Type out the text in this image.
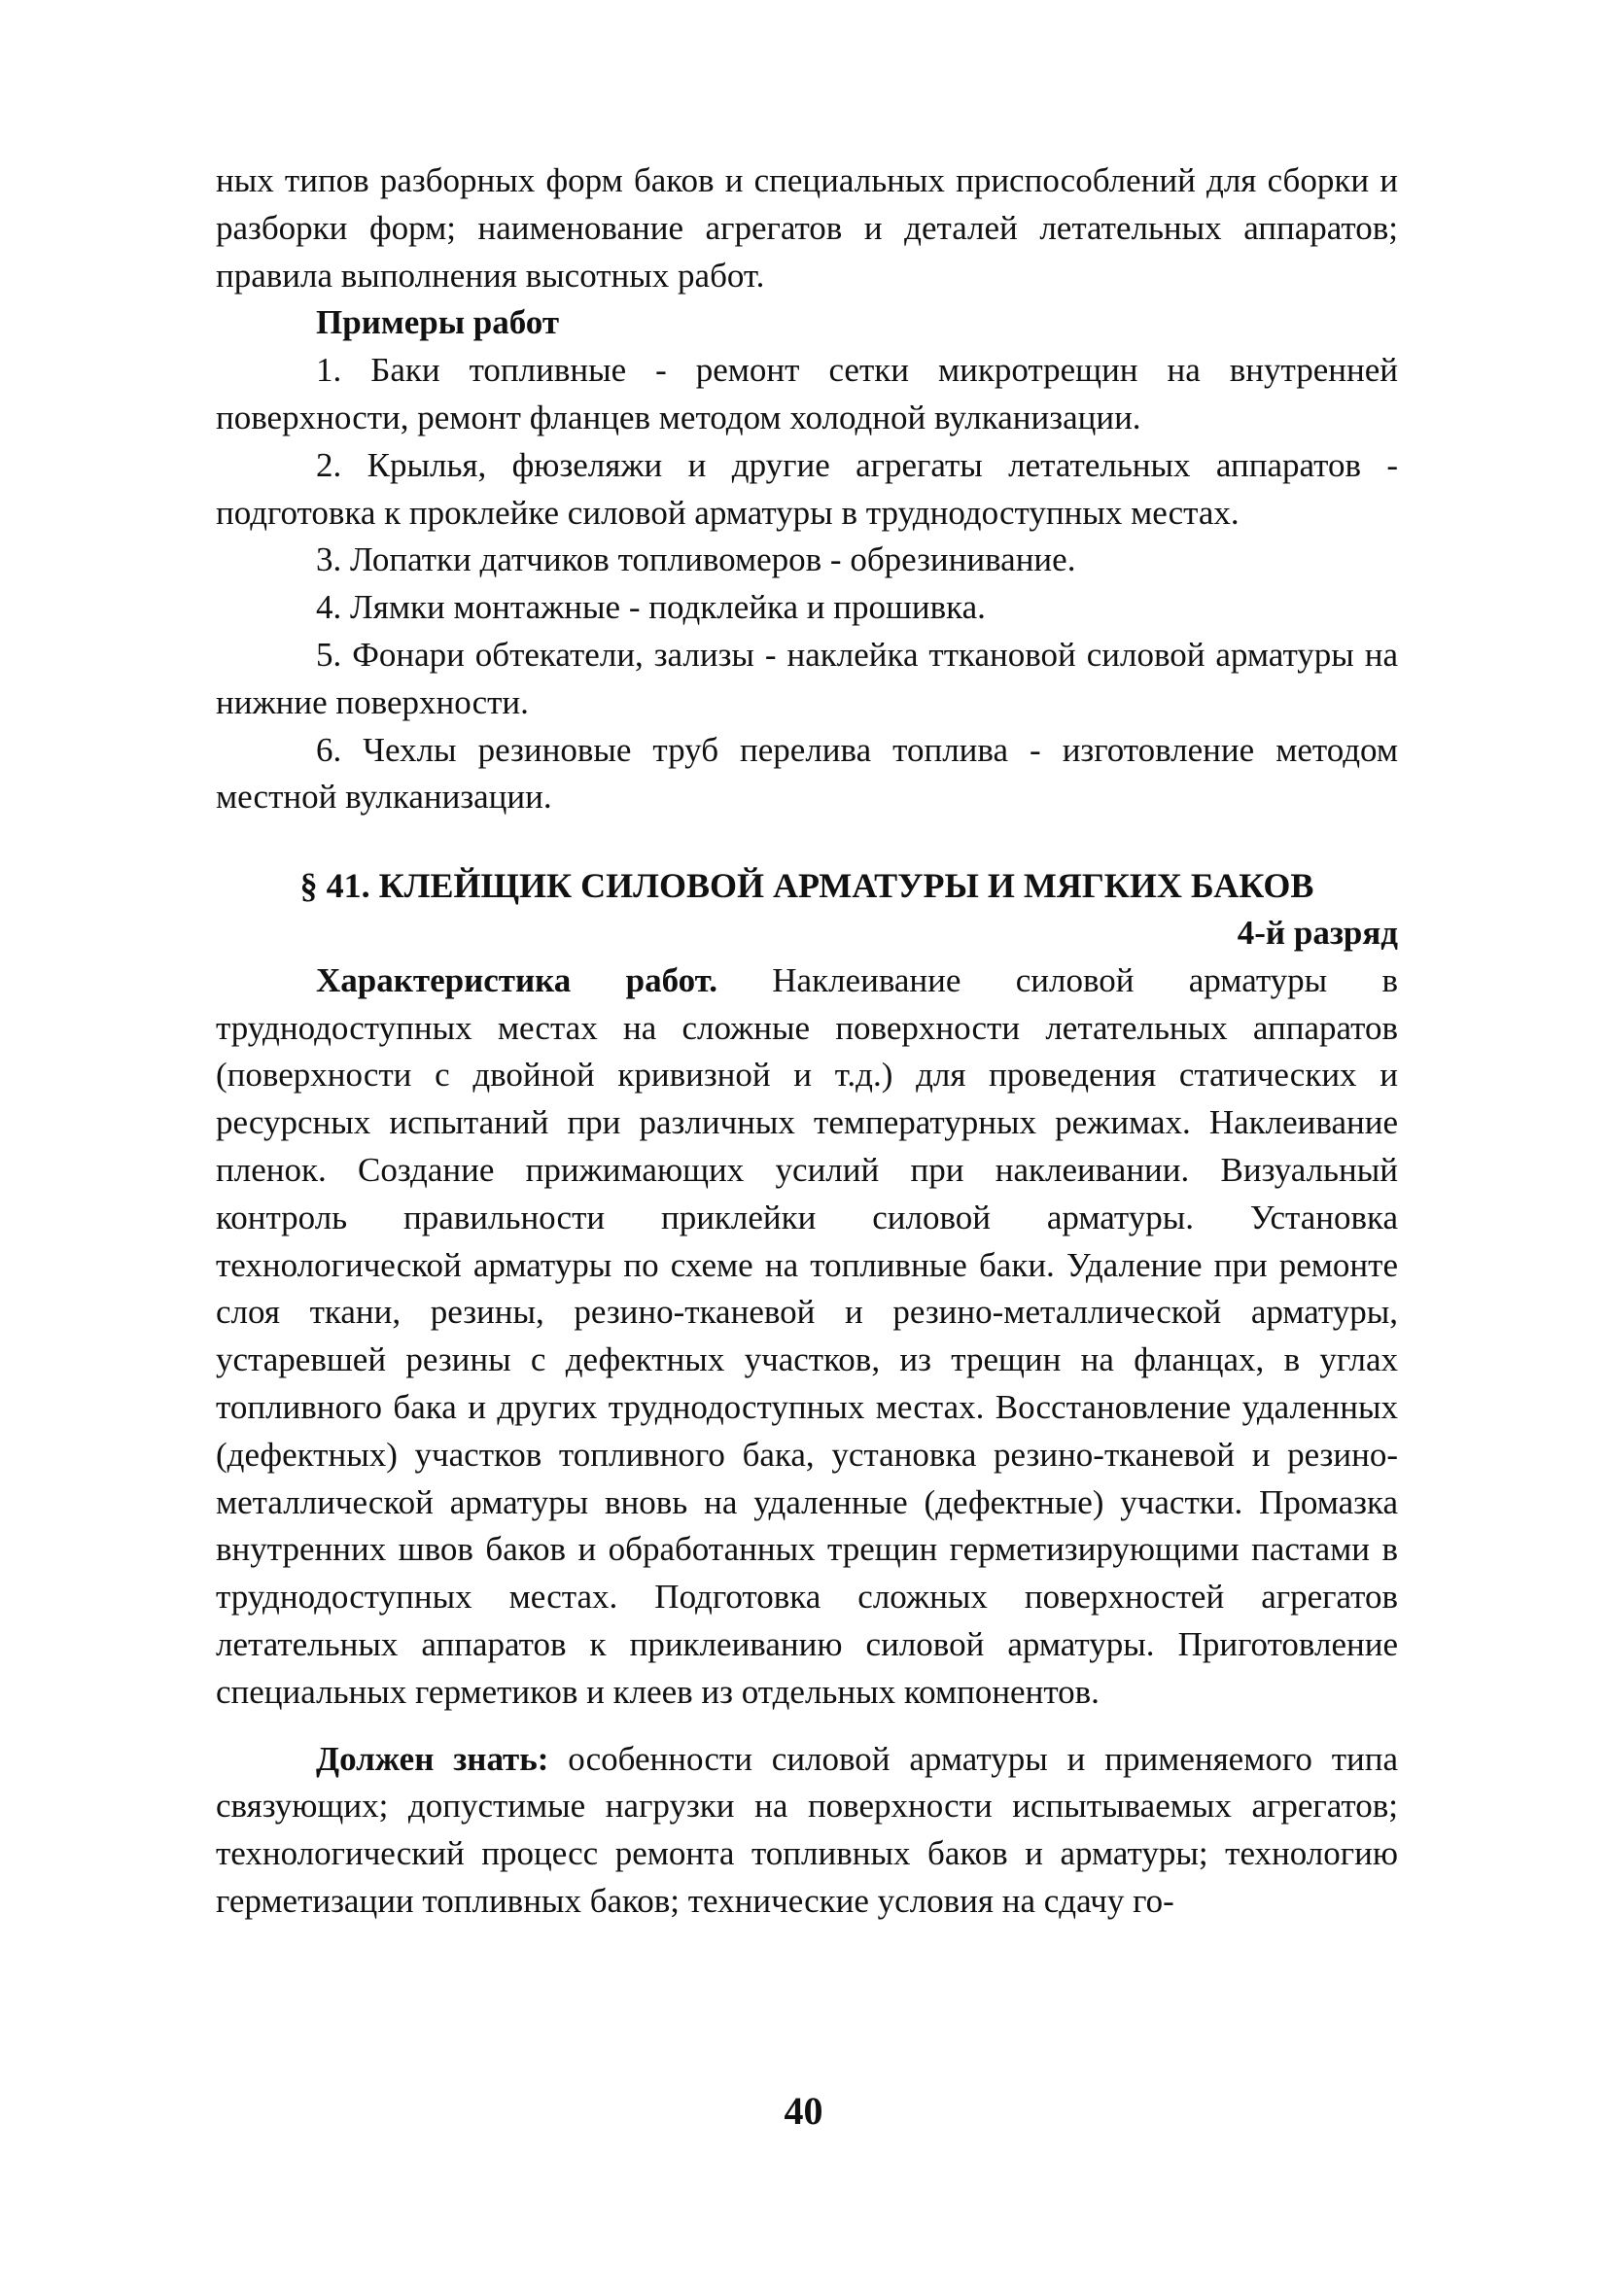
ных типов разборных форм баков и специальных приспособлений для сборки и разборки форм; наименование агрегатов и деталей летательных аппаратов; правила выполнения высотных работ.

Примеры работ

1. Баки топливные - ремонт сетки микротрещин на внутренней поверхности, ремонт фланцев методом холодной вулканизации.

2. Крылья, фюзеляжи и другие агрегаты летательных аппаратов - подготовка к проклейке силовой арматуры в труднодоступных местах.

3. Лопатки датчиков топливомеров - обрезинивание.

4. Лямки монтажные - подклейка и прошивка.

5. Фонари обтекатели, зализы - наклейка тткановой силовой арматуры на нижние поверхности.

6. Чехлы резиновые труб перелива топлива - изготовление методом местной вулканизации.

§ 41. КЛЕЙЩИК СИЛОВОЙ АРМАТУРЫ И МЯГКИХ БАКОВ

4-й разряд

Характеристика работ. Наклеивание силовой арматуры в труднодоступных местах на сложные поверхности летательных аппаратов (поверхности с двойной кривизной и т.д.) для проведения статических и ресурсных испытаний при различных температурных режимах. Наклеивание пленок. Создание прижимающих усилий при наклеивании. Визуальный контроль правильности приклейки силовой арматуры. Установка технологической арматуры по схеме на топливные баки. Удаление при ремонте слоя ткани, резины, резино-тканевой и резино-металлической арматуры, устаревшей резины с дефектных участков, из трещин на фланцах, в углах топливного бака и других труднодоступных местах. Восстановление удаленных (дефектных) участков топливного бака, установка резино-тканевой и резино-металлической арматуры вновь на удаленные (дефектные) участки. Промазка внутренних швов баков и обработанных трещин герметизирующими пастами в труднодоступных местах. Подготовка сложных поверхностей агрегатов летательных аппаратов к приклеиванию силовой арматуры. Приготовление специальных герметиков и клеев из отдельных компонентов.

Должен знать: особенности силовой арматуры и применяемого типа связующих; допустимые нагрузки на поверхности испытываемых агрегатов; технологический процесс ремонта топливных баков и арматуры; технологию герметизации топливных баков; технические условия на сдачу го-

40
